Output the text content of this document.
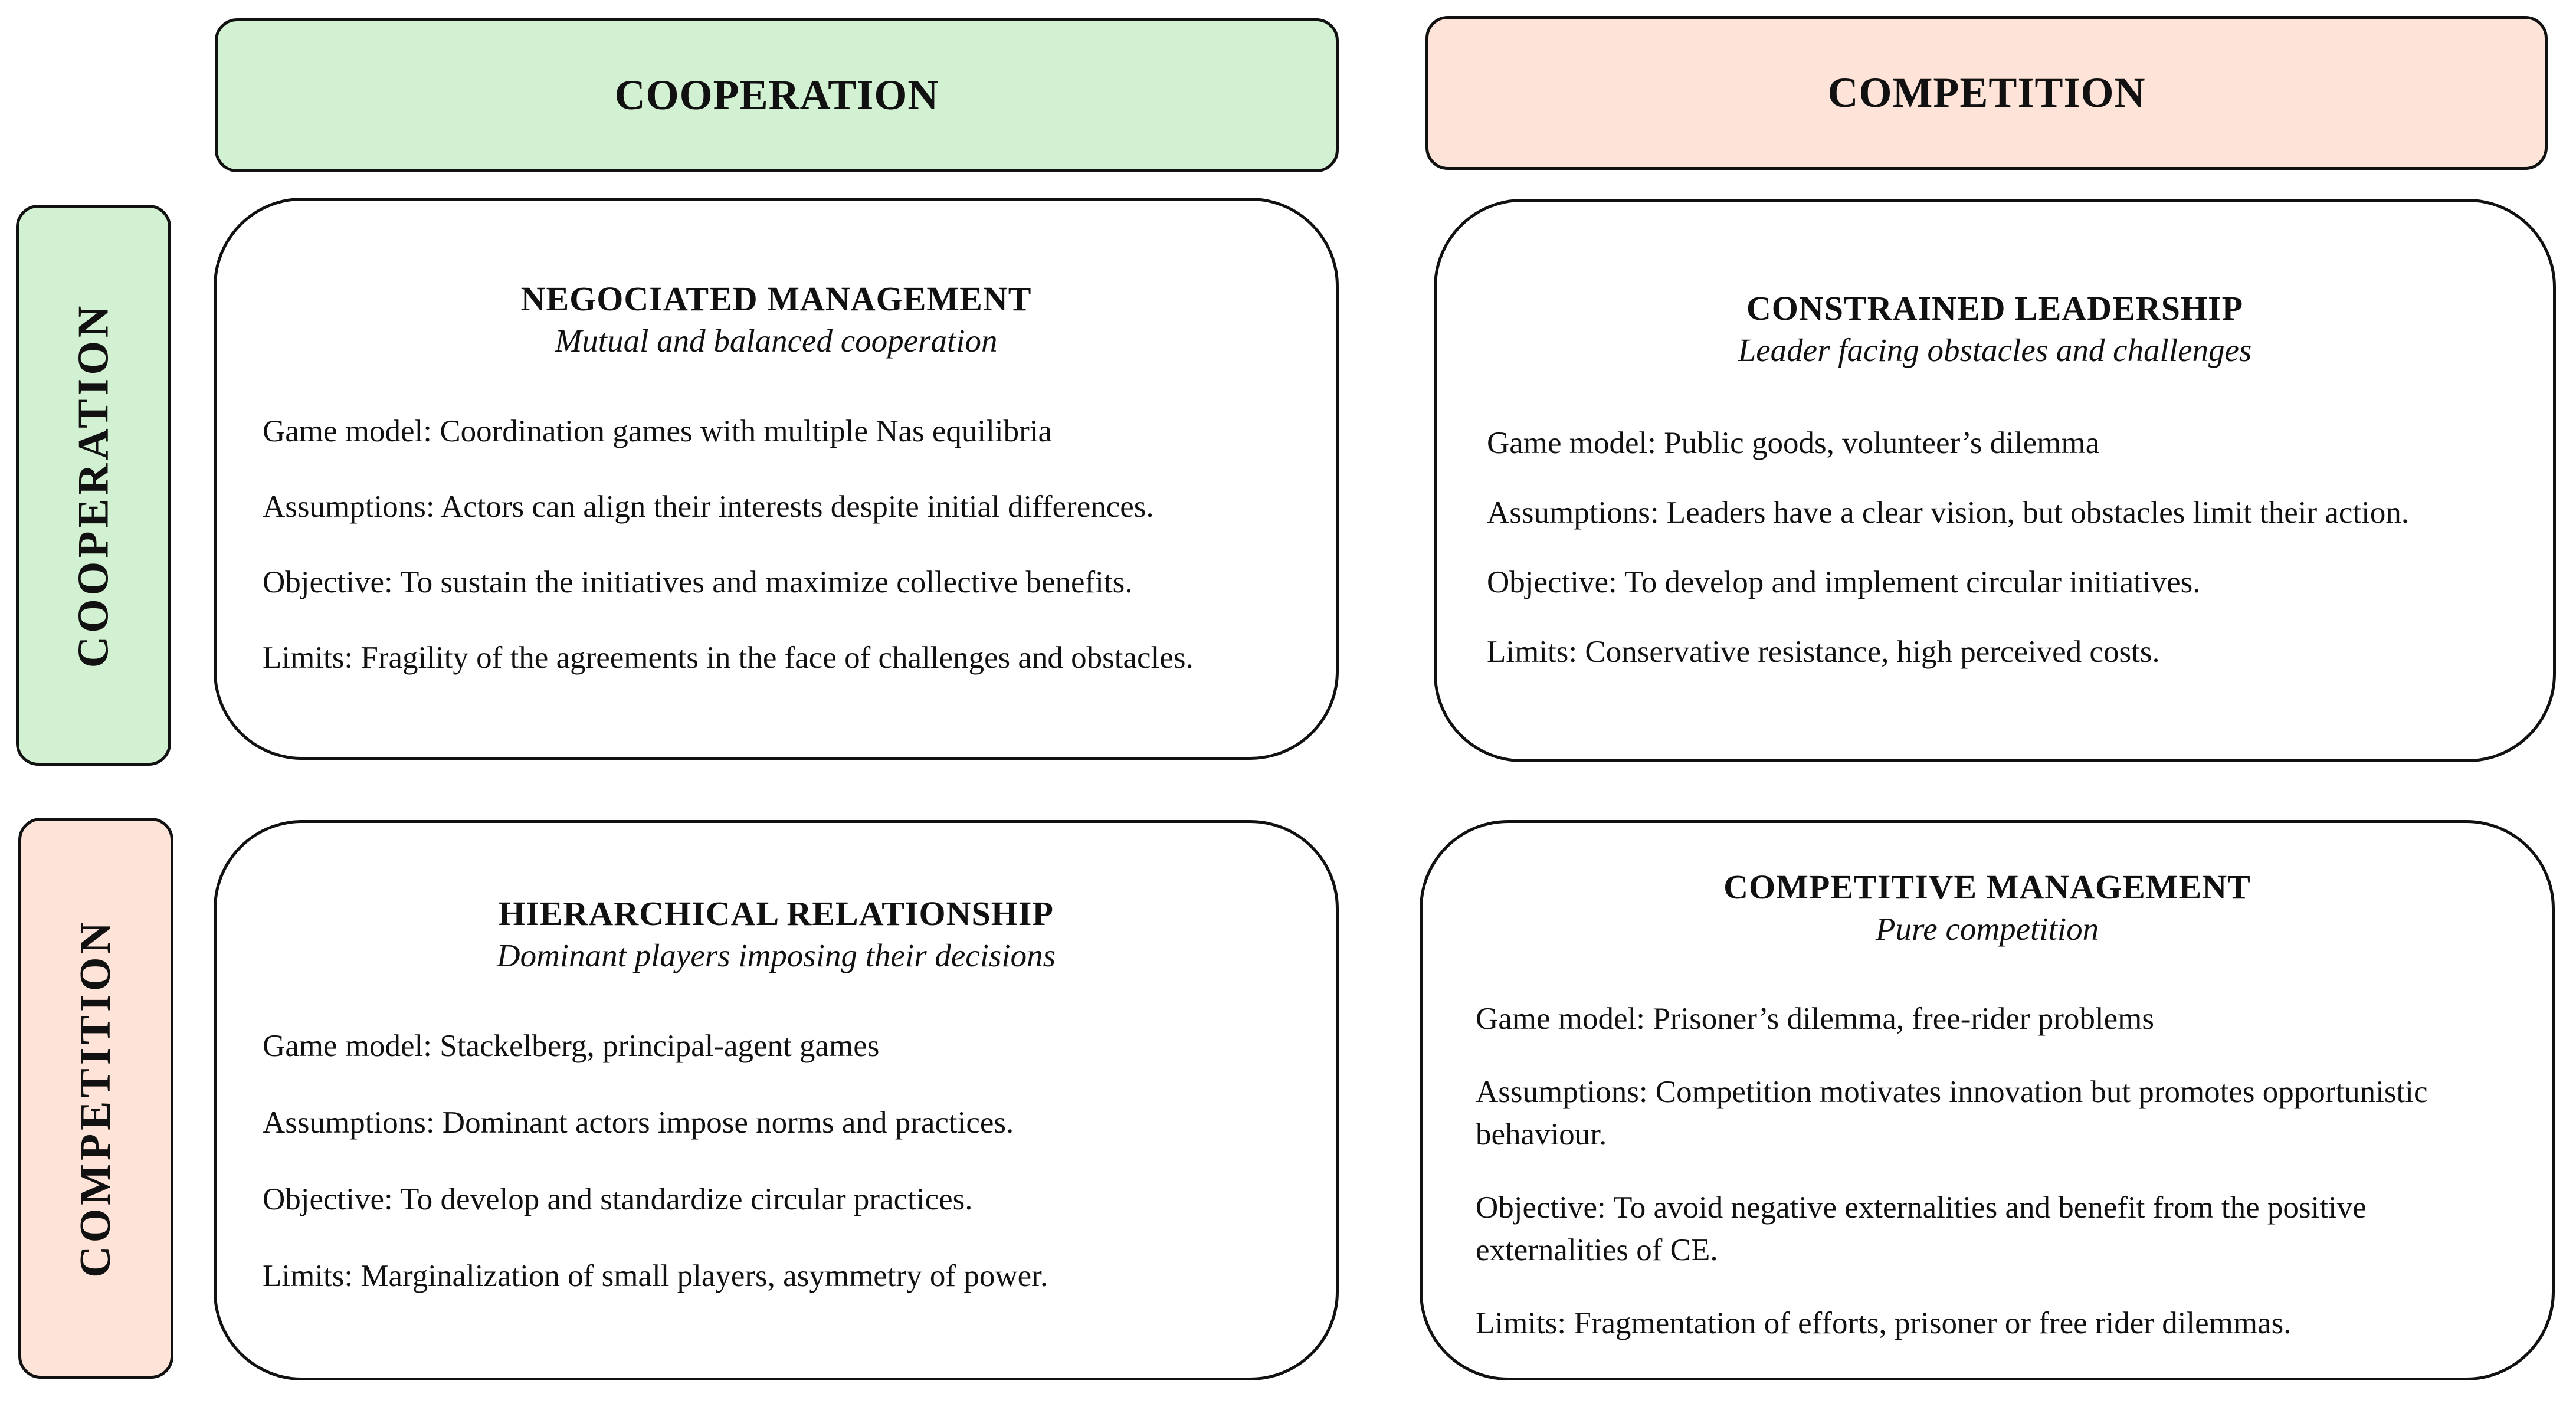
COOPERATION	COMPETITION
COOPERATION
COMPETITION
NEGOCIATED MANAGEMENT
Mutual and balanced cooperation

Game model: Coordination games with multiple Nas equilibria

Assumptions: Actors can align their interests despite initial differences.

Objective: To sustain the initiatives and maximize collective benefits.

Limits: Fragility of the agreements in the face of challenges and obstacles.

CONSTRAINED LEADERSHIP
Leader facing obstacles and challenges

Game model: Public goods, volunteer’s dilemma

Assumptions: Leaders have a clear vision, but obstacles limit their action.

Objective: To develop and implement circular initiatives.

Limits: Conservative resistance, high perceived costs.

HIERARCHICAL RELATIONSHIP
Dominant players imposing their decisions

Game model: Stackelberg, principal-agent games

Assumptions: Dominant actors impose norms and practices.

Objective: To develop and standardize circular practices.

Limits: Marginalization of small players, asymmetry of power.

COMPETITIVE MANAGEMENT
Pure competition

Game model: Prisoner’s dilemma, free-rider problems

Assumptions: Competition motivates innovation but promotes opportunistic behaviour.

Objective: To avoid negative externalities and benefit from the positive externalities of CE.

Limits: Fragmentation of efforts, prisoner or free rider dilemmas.
